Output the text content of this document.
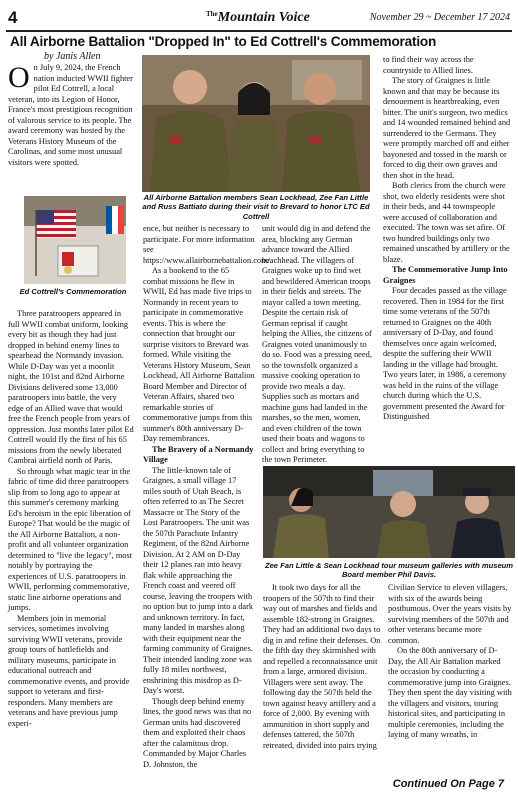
4	$^{The}$Mountain Voice	November 29 ~ December 17 2024
All Airborne Battalion "Dropped In" to Ed Cottrell's Commemoration
by Janis Allen

On July 9, 2024, the French nation inducted WWII fighter pilot Ed Cottrell, a local veteran, into its Legion of Honor, France's most prestigious recognition of valorous service to its people. The award ceremony was hosted by the Veterans History Museum of the Carolinas, and some most unusual visitors were spotted.

Ed Cottrell's Commemoration

Three paratroopers appeared in full WWII combat uniform, looking every bit as though they had just dropped in behind enemy lines to spearhead the Normandy invasion. While D-Day was yet a moonlit night, the 101st and 82nd Airborne Divisions delivered some 13,000 paratroopers into battle, the very edge of an Allied wave that would free the French people from years of oppression. Just months later pilot Ed Cottrell would fly the first of his 65 missions from the newly liberated Cambrai airfield north of Paris.

So through what magic tear in the fabric of time did three paratroopers slip from so long ago to appear at this summer's ceremony marking Ed's heroism in the epic liberation of Europe? That would be the magic of the All Airborne Battalion, a non-profit and all volunteer organization determined to "live the legacy", most notably by portraying the experiences of U.S. paratroopers in WWII, performing commemorative, static line airborne operations and jumps.

Members join in memorial services, sometimes involving surviving WWII veterans, provide group tours of battlefields and military museums, participate in educational outreach and commemorative events, and provide support to veterans and first-responders. Many members are veterans and have previous jump experi-

All Airborne Battalion members Sean Lockhead, Zee Fan Little and Russ Battiato during their visit to Brevard to honor LTC Ed Cottrell

ence, but neither is necessary to participate. For more information see https://www.allairbornebattalion.com/.

As a bookend to the 65 combat missions he flew in WWII, Ed has made five trips to Normandy in recent years to participate in commemorative events. This is where the connection that brought our surprise visitors to Brevard was formed. While visiting the Veterans History Museum, Sean Lockhead, All Airborne Battalion Board Member and Director of Veteran Affairs, shared two remarkable stories of commemorative jumps from this summer's 80th anniversary D-Day remembrances.

The Bravery of a Normandy Village

The little-known tale of Graignes, a small village 17 miles south of Utah Beach, is often referred to as The Secret Massacre or The Story of the Lost Paratroopers. The unit was the 507th Parachute Infantry Regiment, of the 82nd Airborne Division. At 2 AM on D-Day their 12 planes ran into heavy flak while approaching the French coast and veered off course, leaving the troopers with no option but to jump into a dark and unknown territory. In fact, many landed in marshes along with their equipment near the farming community of Graignes. Their intended landing zone was fully 18 miles northwest, enshrining this misdrop as D-Day's worst.

Though deep behind enemy lines, the good news was that no German units had discovered them and exploited their chaos after the calamitous drop. Commanded by Major Charles D. Johnston, the

unit would dig in and defend the area, blocking any German advance toward the Allied beachhead. The villagers of Graignes woke up to find wet and bewildered American troops in their fields and streets. The mayor called a town meeting. Despite the certain risk of German reprisal if caught helping the Allies, the citizens of Graignes voted unanimously to do so. Food was a pressing need, so the townsfolk organized a massive cooking operation to provide two meals a day. Supplies such as mortars and machine guns had landed in the marshes, so the men, women, and even children of the town used their boats and wagons to collect and bring everything to the town Perimeter.

to find their way across the countryside to Allied lines.

The story of Graignes is little known and that may be because its denouement is heartbreaking, even bitter. The unit's surgeon, two medics and 14 wounded remained behind and surrendered to the Germans. They were promptly marched off and either bayoneted and tossed in the marsh or forced to dig their own graves and then shot in the head.

Both clerics from the church were shot, two elderly residents were shot in their beds, and 44 townspeople were accused of collaboration and executed. The town was set afire. Of two hundred buildings only two remained unscathed by artillery or the blaze.

The Commemorative Jump Into Graignes

Four decades passed as the village recovered. Then in 1984 for the first time some veterans of the 507th returned to Graignes on the 40th anniversary of D-Day, and found themselves once again welcomed, despite the suffering their WWII landing in the village had brought. Two years later, in 1986, a ceremony was held in the ruins of the village church during which the U.S. government presented the Award for Distinguished

Zee Fan Little & Sean Lockhead tour museum galleries with museum Board member Phil Davis.

It took two days for all the troopers of the 507th to find their way out of marshes and fields and assemble 182-strong in Graignes. They had an additional two days to dig in and refine their defenses. On the fifth day they skirmished with and repelled a reconnaissance unit from a large, armored division. Villagers were sent away. The following day the 507th held the town against heavy artillery and a force of 2,000. By evening with ammunition in short supply and defenses tattered, the 507th retreated, divided into pairs trying

Civilian Service to eleven villagers, with six of the awards being posthumous. Over the years visits by surviving members of the 507th and other veterans became more common.

On the 80th anniversary of D-Day, the All Air Battalion marked the occasion by conducting a commemorative jump into Graignes. They then spent the day visiting with the villagers and visitors, touring historical sites, and participating in multiple ceremonies, including the laying of many wreaths, in

Continued On Page 7
